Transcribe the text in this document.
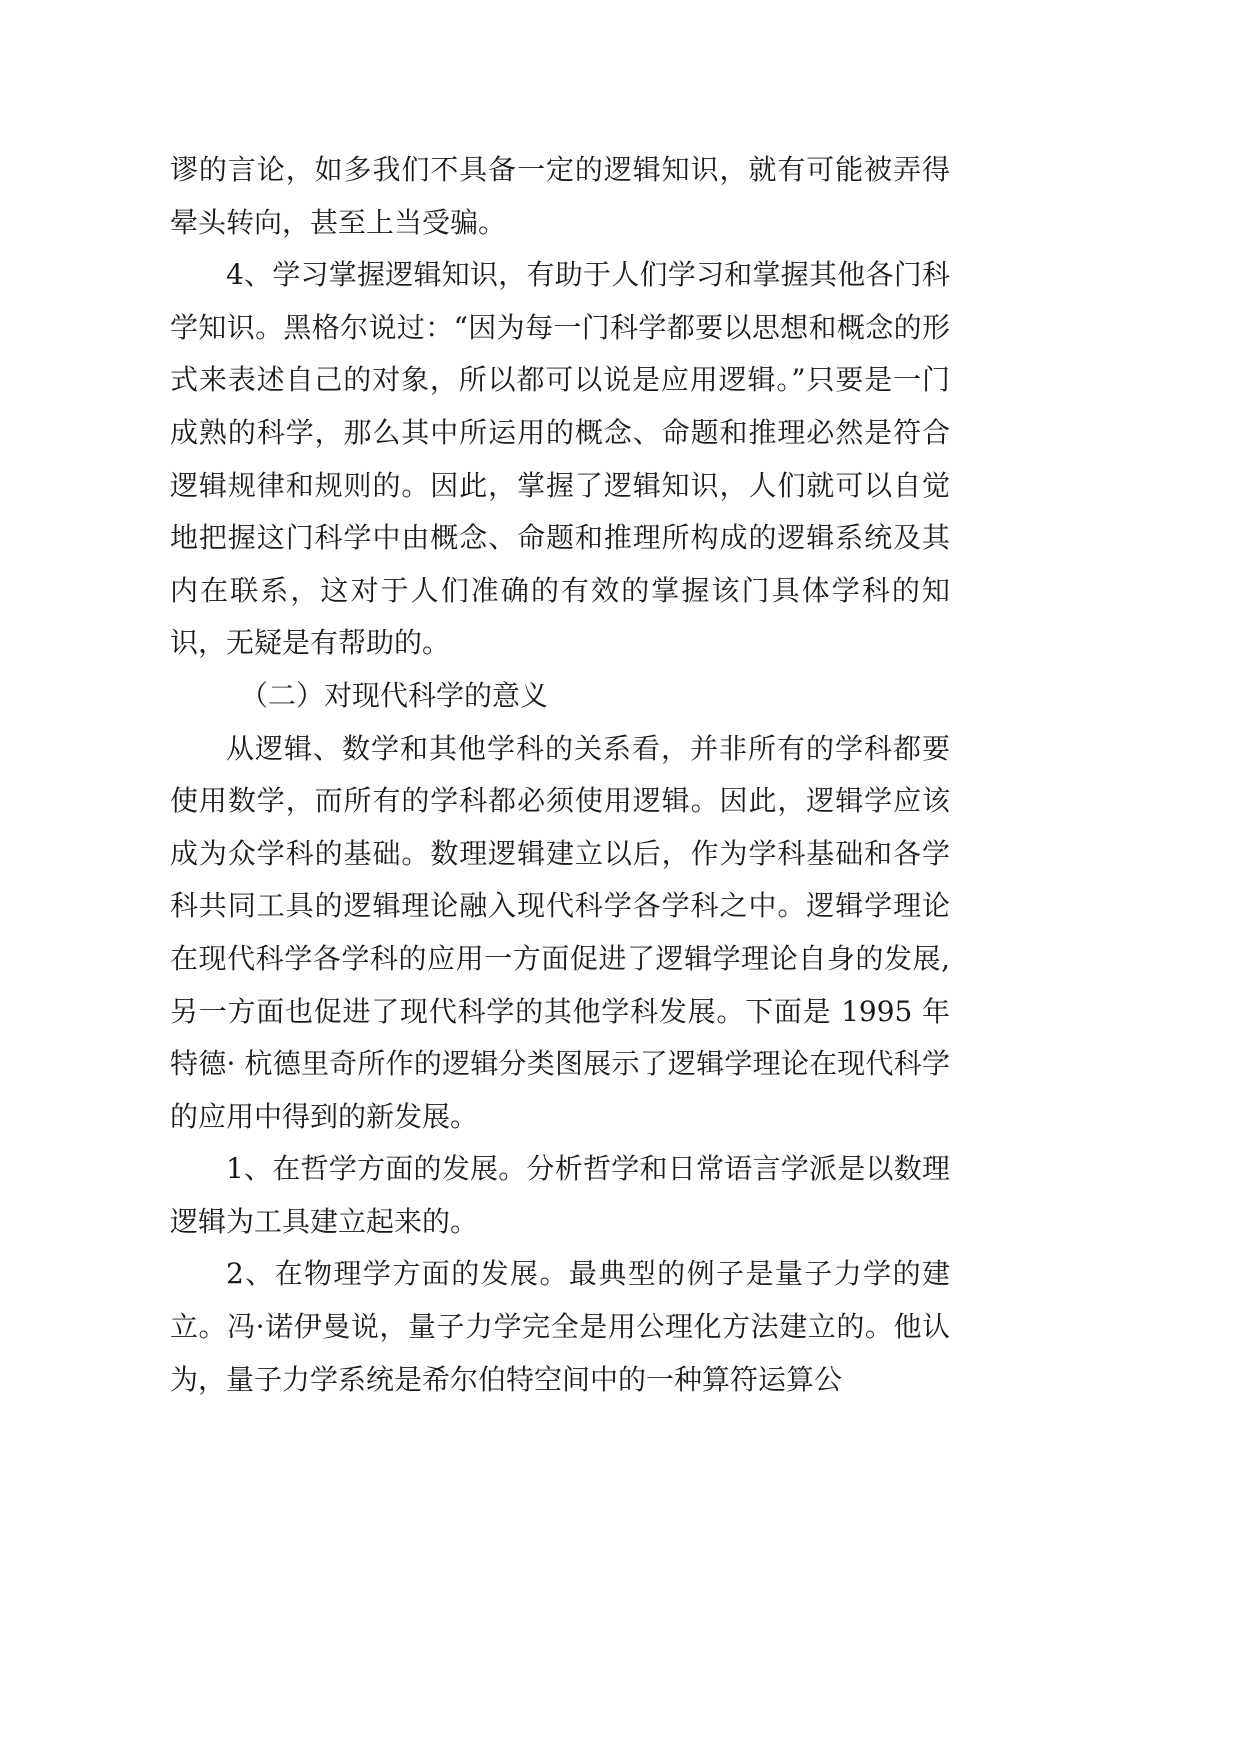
谬的言论，如多我们不具备一定的逻辑知识，就有可能被弄得晕头转向，甚至上当受骗。

4、学习掌握逻辑知识，有助于人们学习和掌握其他各门科学知识。黑格尔说过：“因为每一门科学都要以思想和概念的形式来表述自己的对象，所以都可以说是应用逻辑。”只要是一门成熟的科学，那么其中所运用的概念、命题和推理必然是符合逻辑规律和规则的。因此，掌握了逻辑知识，人们就可以自觉地把握这门科学中由概念、命题和推理所构成的逻辑系统及其内在联系，这对于人们准确的有效的掌握该门具体学科的知识，无疑是有帮助的。

（二）对现代科学的意义

从逻辑、数学和其他学科的关系看，并非所有的学科都要使用数学，而所有的学科都必须使用逻辑。因此，逻辑学应该成为众学科的基础。数理逻辑建立以后，作为学科基础和各学科共同工具的逻辑理论融入现代科学各学科之中。逻辑学理论在现代科学各学科的应用一方面促进了逻辑学理论自身的发展,另一方面也促进了现代科学的其他学科发展。下面是 1995 年特德· 杭德里奇所作的逻辑分类图展示了逻辑学理论在现代科学的应用中得到的新发展。

1、在哲学方面的发展。分析哲学和日常语言学派是以数理逻辑为工具建立起来的。

2、在物理学方面的发展。最典型的例子是量子力学的建立。冯·诺伊曼说，量子力学完全是用公理化方法建立的。他认为，量子力学系统是希尔伯特空间中的一种算符运算公
